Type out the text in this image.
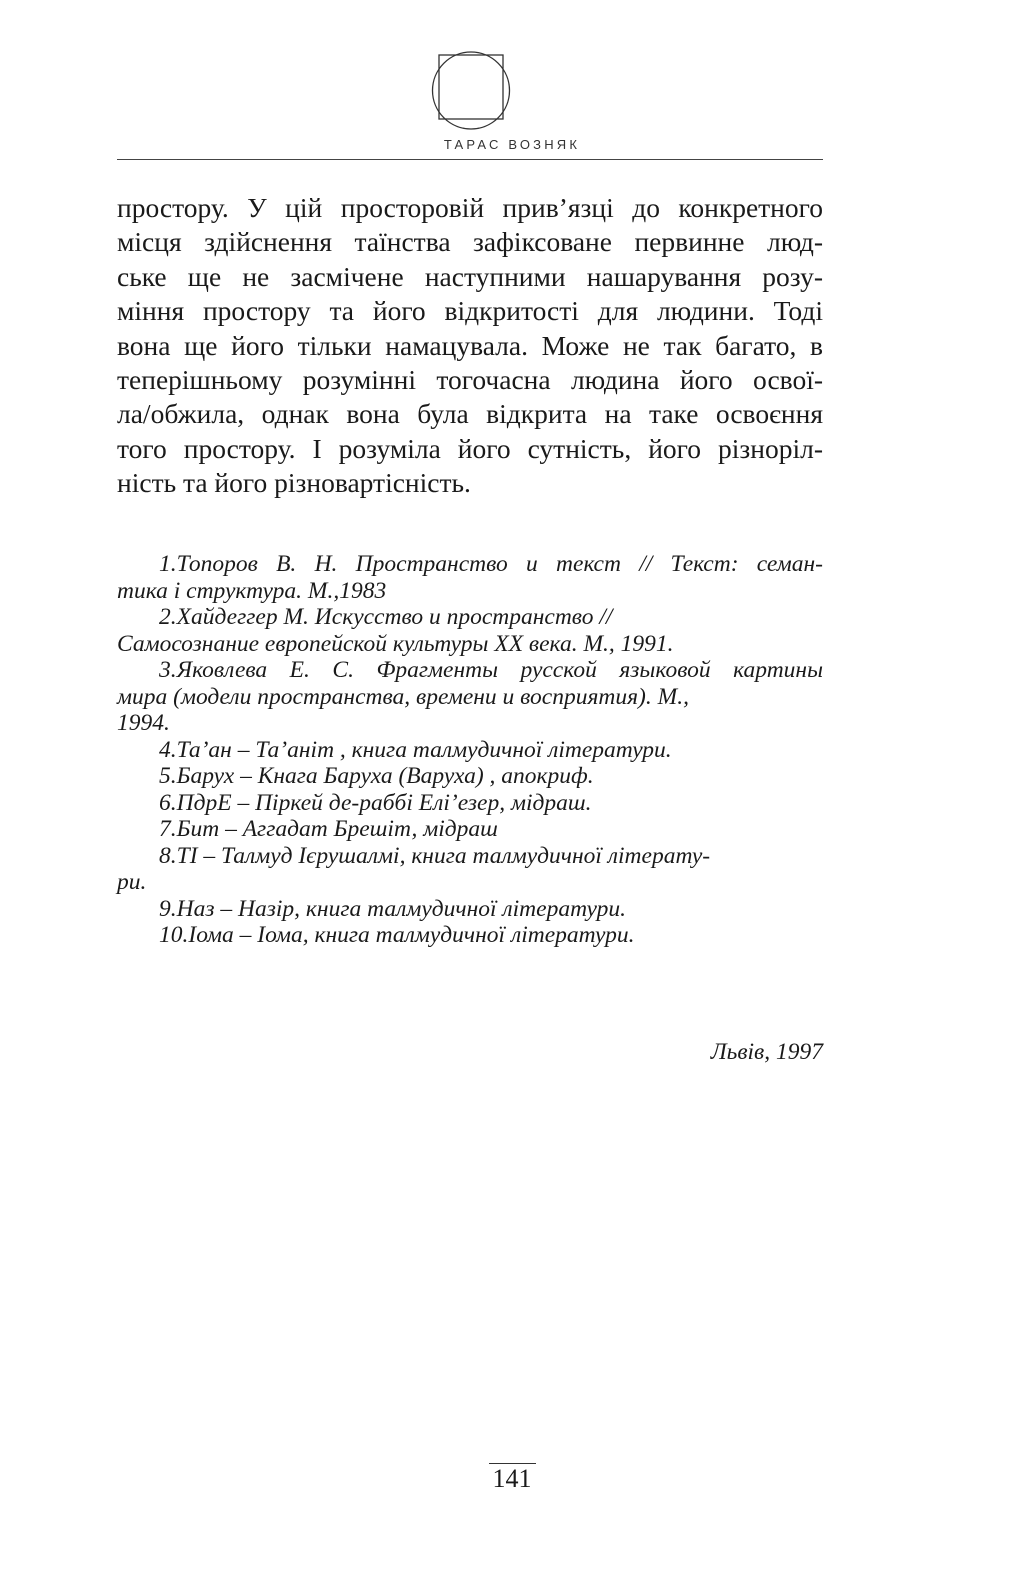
ТАРАС ВОЗНЯК
простору. У цій просторовій прив’язці до конкретного
місця здійснення таїнства зафіксоване первинне люд-
ське ще не засмічене наступними нашарування розу-
міння простору та його відкритості для людини. Тоді
вона ще його тільки намацувала. Може не так багато, в
теперішньому розумінні тогочасна людина його освої-
ла/обжила, однак вона була відкрита на таке освоєння
того простору. І розуміла його сутність, його різноріл-
ність та його різновартісність.
1.Топоров В. Н. Пространство и текст // Текст: семан-
тика і структура. М.,1983
2.Хайдеггер М. Искусство и пространство //
Самосознание европейской культуры XX века. М., 1991.
3.Яковлева Е. С. Фрагменты русской языковой картины
мира (модели пространства, времени и восприятия). М.,
1994.
4.Та’ан – Та’аніт , книга талмудичної літератури.
5.Барух – Кнага Баруха (Варуха) , апокриф.
6.ПдрЕ – Піркей де-раббі Елі’езер, мідраш.
7.Бит – Аггадат Брешіт, мідраш
8.ТІ – Талмуд Ієрушалмі, книга талмудичної літерату-
ри.
9.Наз – Назір, книга талмудичної літератури.
10.Іома – Іома, книга талмудичної літератури.
Львів, 1997
141
